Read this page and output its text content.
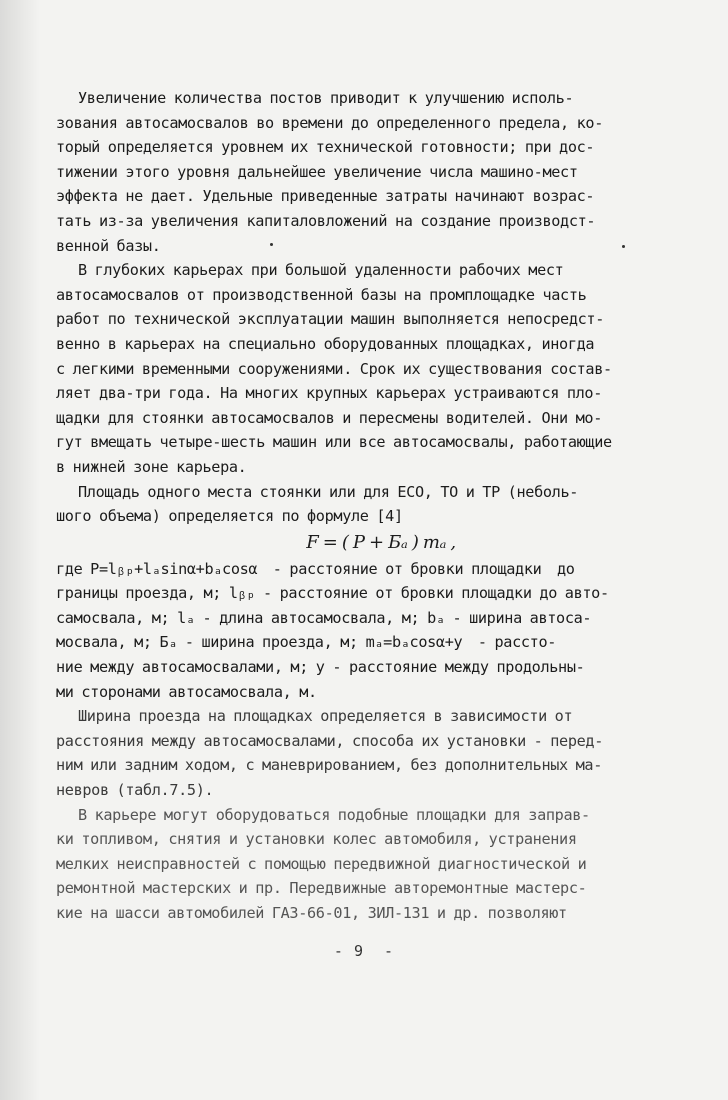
Увеличение количества постов приводит к улучшению исполь-
зования автосамосвалов во времени до определенного предела, ко-
торый определяется уровнем их технической готовности; при дос-
тижении этого уровня дальнейшее увеличение числа машино-мест
эффекта не дает. Удельные приведенные затраты начинают возрас-
тать из-за увеличения капиталовложений на создание производст-
венной базы.
В глубоких карьерах при большой удаленности рабочих мест
автосамосвалов от производственной базы на промплощадке часть
работ по технической эксплуатации машин выполняется непосредст-
венно в карьерах на специально оборудованных площадках, иногда
с легкими временными сооружениями. Срок их существования состав-
ляет два-три года. На многих крупных карьерах устраиваются пло-
щадки для стоянки автосамосвалов и пересмены водителей. Они мо-
гут вмещать четыре-шесть машин или все автосамосвалы, работающие
в нижней зоне карьера.
Площадь одного места стоянки или для ЕСО, ТО и ТР (неболь-
шого объема) определяется по формуле [4]
F = ( Р + Бₐ ) mₐ ,
где Р=lᵦₚ+lₐsinα+bₐcosα  - расстояние от бровки площадки  до
границы проезда, м; lᵦₚ - расстояние от бровки площадки до авто-
самосвала, м; lₐ - длина автосамосвала, м; bₐ - ширина автоса-
мосвала, м; Бₐ - ширина проезда, м; mₐ=bₐcosα+y  - рассто-
ние между автосамосвалами, м; y - расстояние между продольны-
ми сторонами автосамосвала, м.
Ширина проезда на площадках определяется в зависимости от
расстояния между автосамосвалами, способа их установки - перед-
ним или задним ходом, с маневрированием, без дополнительных ма-
невров (табл.7.5).
В карьере могут оборудоваться подобные площадки для заправ-
ки топливом, снятия и установки колес автомобиля, устранения
мелких неисправностей с помощью передвижной диагностической и
ремонтной мастерских и пр. Передвижные авторемонтные мастерс-
кие на шасси автомобилей ГАЗ-66-01, ЗИЛ-131 и др. позволяют
- 9  -
